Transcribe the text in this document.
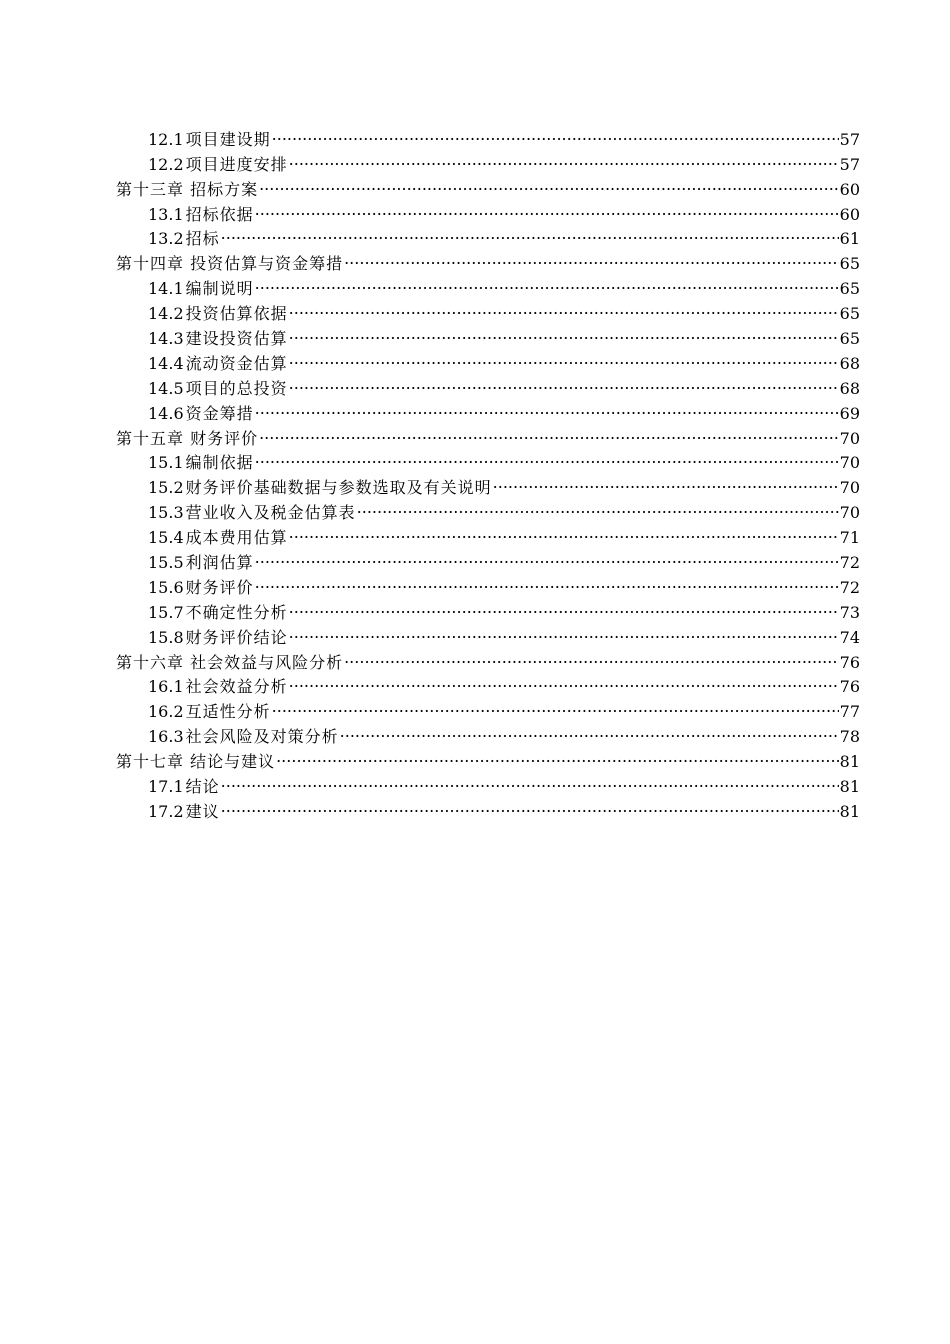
12.1 项目建设期 .....	57
12.2 项目进度安排 .....	57
第十三章 招标方案 .....	60
13.1 招标依据 .....	60
13.2 招标 .....	61
第十四章 投资估算与资金筹措 .....	65
14.1 编制说明 .....	65
14.2 投资估算依据 .....	65
14.3 建设投资估算 .....	65
14.4 流动资金估算 .....	68
14.5 项目的总投资 .....	68
14.6 资金筹措 .....	69
第十五章 财务评价 .....	70
15.1 编制依据 .....	70
15.2 财务评价基础数据与参数选取及有关说明 .....	70
15.3 营业收入及税金估算表 .....	70
15.4 成本费用估算 .....	71
15.5 利润估算 .....	72
15.6 财务评价 .....	72
15.7 不确定性分析 .....	73
15.8 财务评价结论 .....	74
第十六章 社会效益与风险分析 .....	76
16.1 社会效益分析 .....	76
16.2 互适性分析 .....	77
16.3 社会风险及对策分析 .....	78
第十七章 结论与建议 .....	81
17.1 结论 .....	81
17.2 建议 .....	81
